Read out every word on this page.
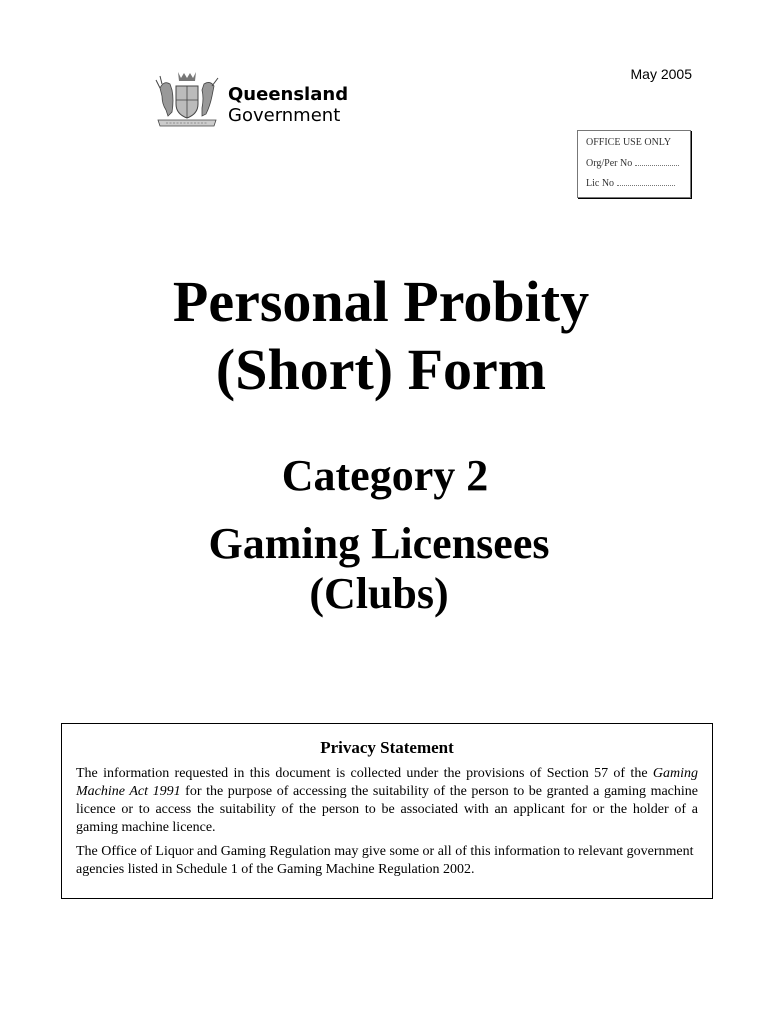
May 2005
Queensland
Government
OFFICE USE ONLY
Org/Per No
Lic No
Personal Probity
(Short) Form
Category 2
Gaming Licensees
(Clubs)

Privacy Statement

The information requested in this document is collected under the provisions of Section 57 of the Gaming Machine Act 1991 for the purpose of accessing the suitability of the person to be granted a gaming machine licence or to access the suitability of the person to be associated with an applicant for or the holder of a gaming machine licence.

The Office of Liquor and Gaming Regulation may give some or all of this information to relevant government agencies listed in Schedule 1 of the Gaming Machine Regulation 2002.
